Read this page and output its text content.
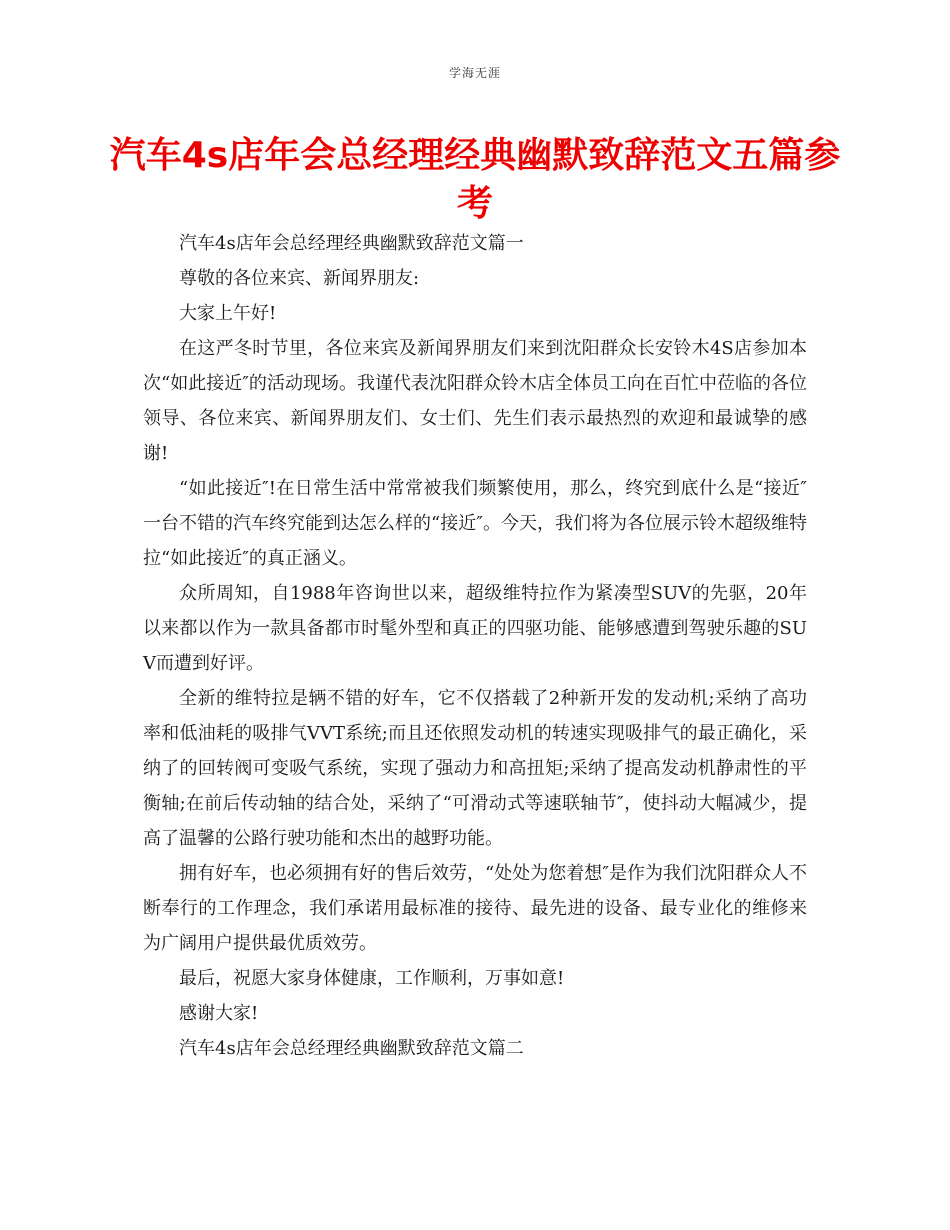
学海无涯
汽车4s店年会总经理经典幽默致辞范文五篇参考

汽车4s店年会总经理经典幽默致辞范文篇一

尊敬的各位来宾、新闻界朋友:

大家上午好!

在这严冬时节里，各位来宾及新闻界朋友们来到沈阳群众长安铃木4S店参加本次“如此接近″的活动现场。我谨代表沈阳群众铃木店全体员工向在百忙中莅临的各位领导、各位来宾、新闻界朋友们、女士们、先生们表示最热烈的欢迎和最诚挚的感谢!

“如此接近″!在日常生活中常常被我们频繁使用，那么，终究到底什么是“接近″一台不错的汽车终究能到达怎么样的“接近″。今天，我们将为各位展示铃木超级维特拉“如此接近″的真正涵义。

众所周知，自1988年咨询世以来，超级维特拉作为紧凑型SUV的先驱，20年以来都以作为一款具备都市时髦外型和真正的四驱功能、能够感遭到驾驶乐趣的SUV而遭到好评。

全新的维特拉是辆不错的好车，它不仅搭载了2种新开发的发动机;采纳了高功率和低油耗的吸排气VVT系统;而且还依照发动机的转速实现吸排气的最正确化，采纳了的回转阀可变吸气系统，实现了强动力和高扭矩;采纳了提高发动机静肃性的平衡轴;在前后传动轴的结合处，采纳了“可滑动式等速联轴节″，使抖动大幅减少，提高了温馨的公路行驶功能和杰出的越野功能。

拥有好车，也必须拥有好的售后效劳，“处处为您着想″是作为我们沈阳群众人不断奉行的工作理念，我们承诺用最标准的接待、最先进的设备、最专业化的维修来为广阔用户提供最优质效劳。

最后，祝愿大家身体健康，工作顺利，万事如意!

感谢大家!

汽车4s店年会总经理经典幽默致辞范文篇二
